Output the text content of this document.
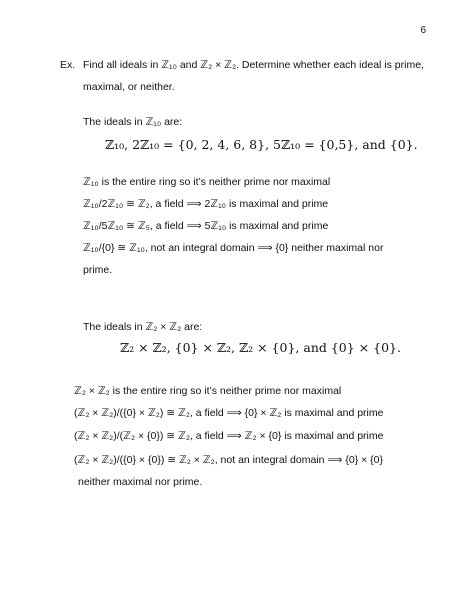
6
Ex. Find all ideals in ℤ₁₀ and ℤ₂ × ℤ₂. Determine whether each ideal is prime,
maximal, or neither.
The ideals in ℤ₁₀ are:
ℤ₁₀, 2ℤ₁₀ = {0, 2, 4, 6, 8}, 5ℤ₁₀ = {0,5}, and {0}.
ℤ₁₀ is the entire ring so it’s neither prime nor maximal
ℤ₁₀/2ℤ₁₀ ≅ ℤ₂, a field ⟹ 2ℤ₁₀ is maximal and prime
ℤ₁₀/5ℤ₁₀ ≅ ℤ₅, a field ⟹ 5ℤ₁₀ is maximal and prime
ℤ₁₀/{0} ≅ ℤ₁₀, not an integral domain ⟹ {0} neither maximal nor
prime.
The ideals in ℤ₂ × ℤ₂ are:
ℤ₂ × ℤ₂, {0} × ℤ₂, ℤ₂ × {0}, and {0} × {0}.
ℤ₂ × ℤ₂ is the entire ring so it’s neither prime nor maximal
(ℤ₂ × ℤ₂)/({0} × ℤ₂) ≅ ℤ₂, a field ⟹ {0} × ℤ₂ is maximal and prime
(ℤ₂ × ℤ₂)/(ℤ₂ × {0}) ≅ ℤ₂, a field ⟹ ℤ₂ × {0} is maximal and prime
(ℤ₂ × ℤ₂)/({0} × {0}) ≅ ℤ₂ × ℤ₂, not an integral domain ⟹ {0} × {0}
neither maximal nor prime.
